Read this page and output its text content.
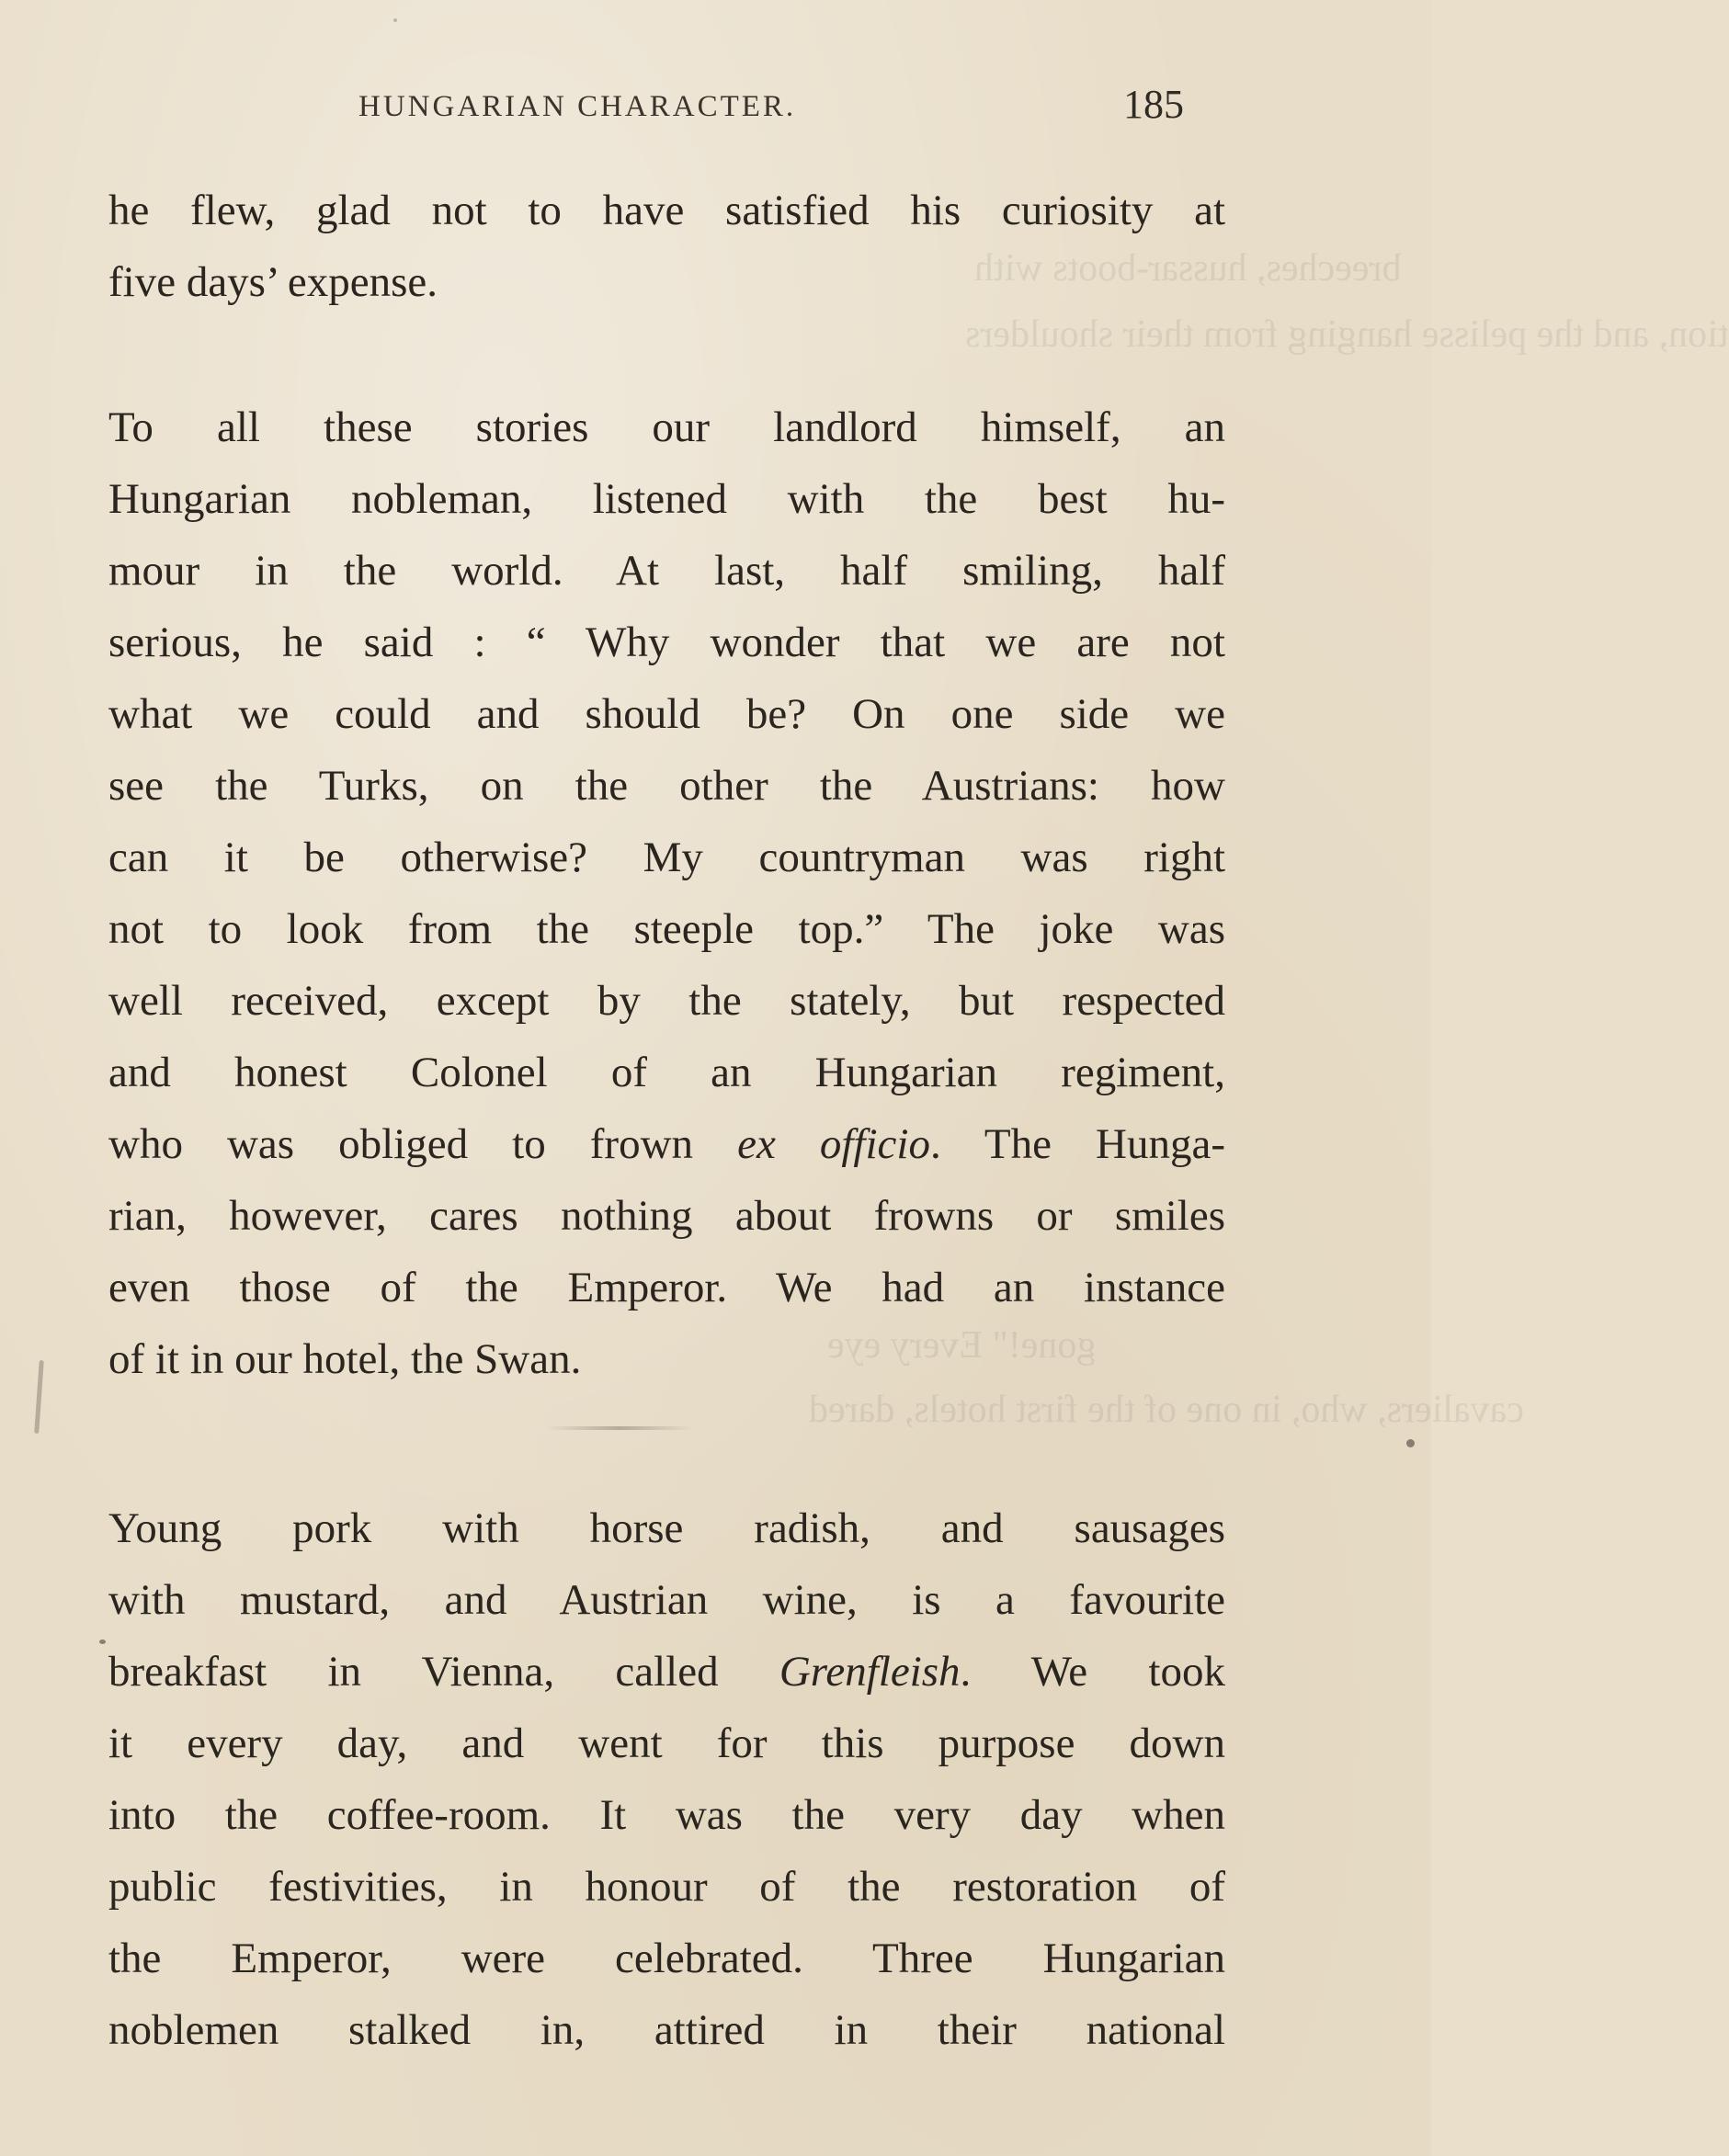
breeches, hussar-boots with
tion, and the pelisse hanging from their shoulders
gone!" Every eye
cavaliers, who, in one of the first hotels, dared
HUNGARIAN CHARACTER.	185
he flew, glad not to have satisfied his curiosity at
five days’ expense.
To all these stories our landlord himself, an
Hungarian nobleman, listened with the best hu-
mour in the world. At last, half smiling, half
serious, he said : “ Why wonder that we are not
what we could and should be? On one side we
see the Turks, on the other the Austrians: how
can it be otherwise? My countryman was right
not to look from the steeple top.” The joke was
well received, except by the stately, but respected
and honest Colonel of an Hungarian regiment,
who was obliged to frown ex officio. The Hunga-
rian, however, cares nothing about frowns or smiles
even those of the Emperor. We had an instance
of it in our hotel, the Swan.
Young pork with horse radish, and sausages
with mustard, and Austrian wine, is a favourite
breakfast in Vienna, called Grenfleish. We took
it every day, and went for this purpose down
into the coffee-room. It was the very day when
public festivities, in honour of the restoration of
the Emperor, were celebrated. Three Hungarian
noblemen stalked in, attired in their national
